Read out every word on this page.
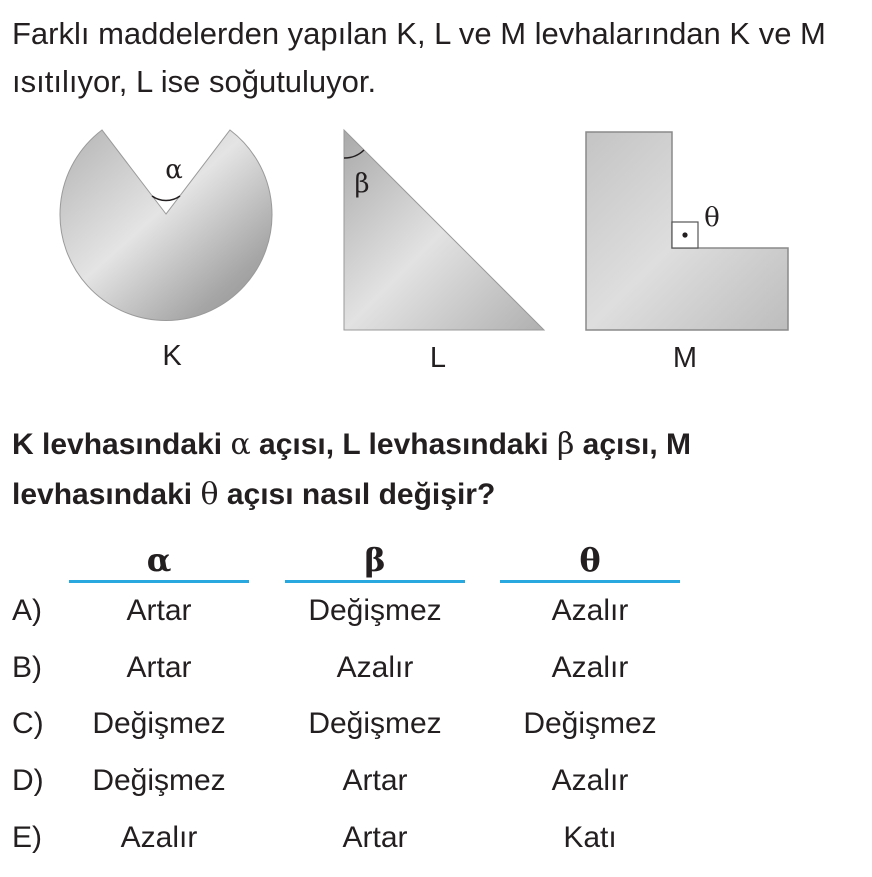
Farklı maddelerden yapılan K, L ve M levhalarından K ve M ısıtılıyor, L ise soğutuluyor.

α	β
θ
K	L	M

K levhasındaki α açısı, L levhasındaki β açısı, M levhasındaki θ açısı nasıl değişir?

α	β	θ
A)	Artar	Değişmez	Azalır
B)	Artar	Azalır	Azalır
C)	Değişmez	Değişmez	Değişmez
D)	Değişmez	Artar	Azalır
E)	Azalır	Artar	Katı
